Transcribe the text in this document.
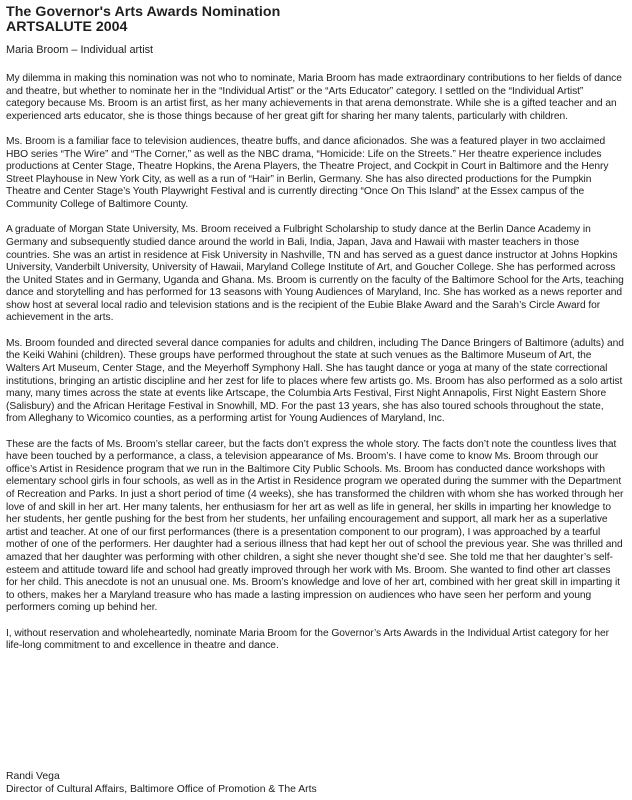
The Governor's Arts Awards Nomination

ARTSALUTE 2004

Maria Broom – Individual artist

My dilemma in making this nomination was not who to nominate, Maria Broom has made extraordinary contributions to her fields of dance and theatre, but whether to nominate her in the “Individual Artist” or the “Arts Educator” category. I settled on the “Individual Artist” category because Ms. Broom is an artist first, as her many achievements in that arena demonstrate. While she is a gifted teacher and an experienced arts educator, she is those things because of her great gift for sharing her many talents, particularly with children.

Ms. Broom is a familiar face to television audiences, theatre buffs, and dance aficionados. She was a featured player in two acclaimed HBO series “The Wire” and “The Corner,” as well as the NBC drama, “Homicide: Life on the Streets.” Her theatre experience includes productions at Center Stage, Theatre Hopkins, the Arena Players, the Theatre Project, and Cockpit in Court in Baltimore and the Henry Street Playhouse in New York City, as well as a run of “Hair” in Berlin, Germany. She has also directed productions for the Pumpkin Theatre and Center Stage’s Youth Playwright Festival and is currently directing “Once On This Island” at the Essex campus of the Community College of Baltimore County.

A graduate of Morgan State University, Ms. Broom received a Fulbright Scholarship to study dance at the Berlin Dance Academy in Germany and subsequently studied dance around the world in Bali, India, Japan, Java and Hawaii with master teachers in those countries. She was an artist in residence at Fisk University in Nashville, TN and has served as a guest dance instructor at Johns Hopkins University, Vanderbilt University, University of Hawaii, Maryland College Institute of Art, and Goucher College. She has performed across the United States and in Germany, Uganda and Ghana. Ms. Broom is currently on the faculty of the Baltimore School for the Arts, teaching dance and storytelling and has performed for 13 seasons with Young Audiences of Maryland, Inc. She has worked as a news reporter and show host at several local radio and television stations and is the recipient of the Eubie Blake Award and the Sarah’s Circle Award for achievement in the arts.

Ms. Broom founded and directed several dance companies for adults and children, including The Dance Bringers of Baltimore (adults) and the Keiki Wahini (children). These groups have performed throughout the state at such venues as the Baltimore Museum of Art, the Walters Art Museum, Center Stage, and the Meyerhoff Symphony Hall. She has taught dance or yoga at many of the state correctional institutions, bringing an artistic discipline and her zest for life to places where few artists go. Ms. Broom has also performed as a solo artist many, many times across the state at events like Artscape, the Columbia Arts Festival, First Night Annapolis, First Night Eastern Shore (Salisbury) and the African Heritage Festival in Snowhill, MD. For the past 13 years, she has also toured schools throughout the state, from Alleghany to Wicomico counties, as a performing artist for Young Audiences of Maryland, Inc.

These are the facts of Ms. Broom’s stellar career, but the facts don’t express the whole story. The facts don’t note the countless lives that have been touched by a performance, a class, a television appearance of Ms. Broom’s. I have come to know Ms. Broom through our office’s Artist in Residence program that we run in the Baltimore City Public Schools. Ms. Broom has conducted dance workshops with elementary school girls in four schools, as well as in the Artist in Residence program we operated during the summer with the Department of Recreation and Parks. In just a short period of time (4 weeks), she has transformed the children with whom she has worked through her love of and skill in her art. Her many talents, her enthusiasm for her art as well as life in general, her skills in imparting her knowledge to her students, her gentle pushing for the best from her students, her unfailing encouragement and support, all mark her as a superlative artist and teacher. At one of our first performances (there is a presentation component to our program), I was approached by a tearful mother of one of the performers. Her daughter had a serious illness that had kept her out of school the previous year. She was thrilled and amazed that her daughter was performing with other children, a sight she never thought she’d see. She told me that her daughter’s self-esteem and attitude toward life and school had greatly improved through her work with Ms. Broom. She wanted to find other art classes for her child. This anecdote is not an unusual one. Ms. Broom’s knowledge and love of her art, combined with her great skill in imparting it to others, makes her a Maryland treasure who has made a lasting impression on audiences who have seen her perform and young performers coming up behind her.

I, without reservation and wholeheartedly, nominate Maria Broom for the Governor’s Arts Awards in the Individual Artist category for her life-long commitment to and excellence in theatre and dance.

Randi Vega

Director of Cultural Affairs, Baltimore Office of Promotion & The Arts
